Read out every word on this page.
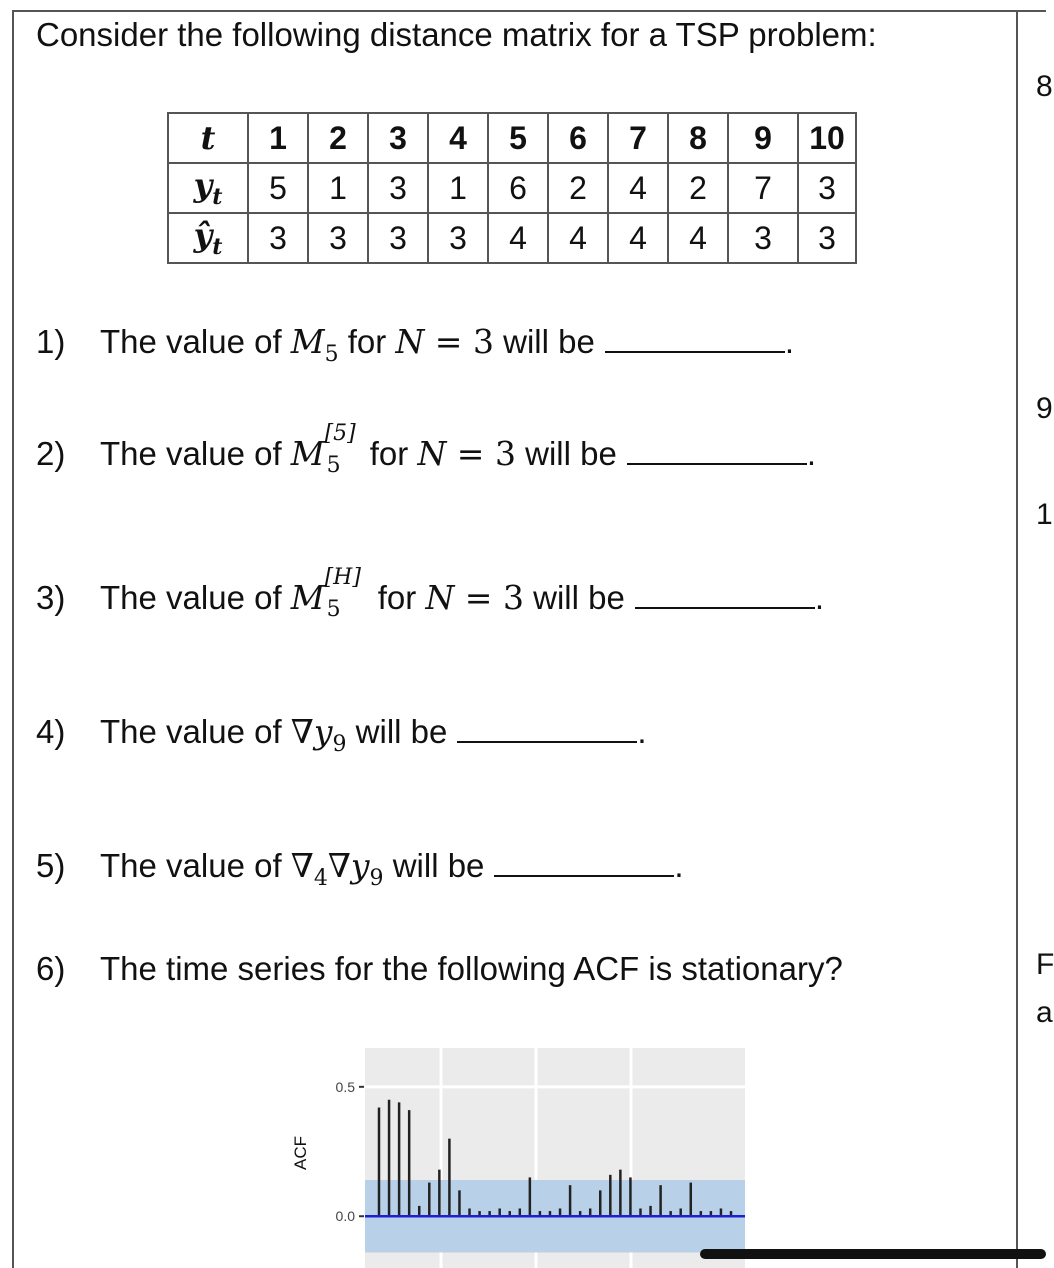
Consider the following distance matrix for a TSP problem:
t	1	2	3	4	5	6	7	8	9	10
$y_t$	5	1	3	1	6	2	4	2	7	3
$ŷ_t$	3	3	3	3	4	4	4	4	3	3
1) The value of $M_5$ for N = 3 will be	.
2) The value of M
[5]
5 for N = 3 will be	.
3) The value of M
[H]
5 for N = 3 will be	.
4) The value of $\nabla y_9$ will be	.
5) The value of $\nabla_4\nabla y_9$ will be	.
6) The time series for the following ACF is stationary?
0.5
0.0
ACF
8
9
1
F
a
